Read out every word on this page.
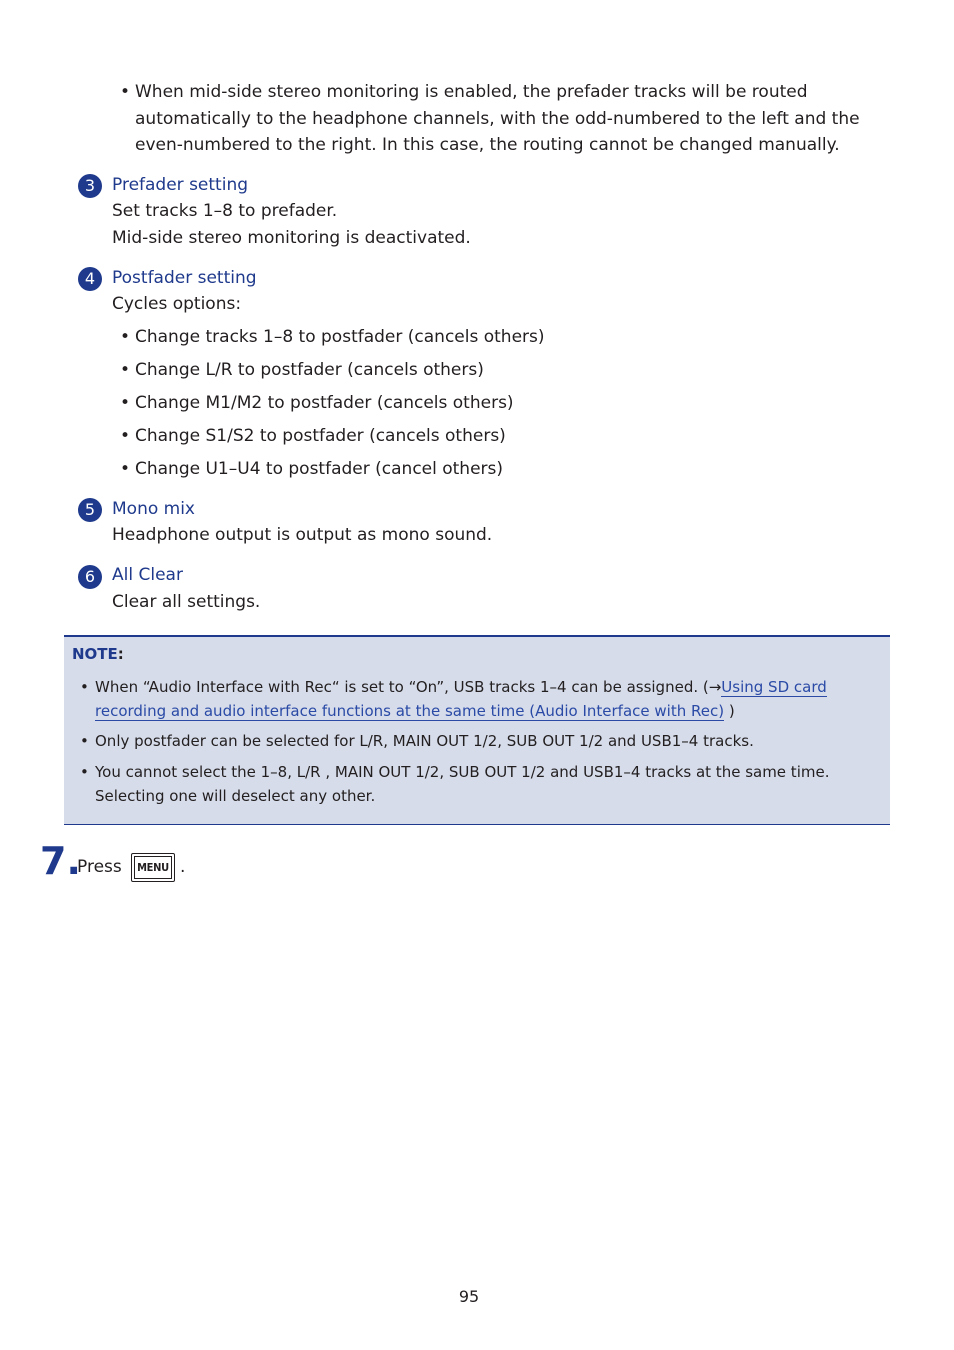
• When mid-side stereo monitoring is enabled, the prefader tracks will be routed automatically to the headphone channels, with the odd-numbered to the left and the even-numbered to the right. In this case, the routing cannot be changed manually.
3 Prefader setting
Set tracks 1–8 to prefader.
Mid-side stereo monitoring is deactivated.
4 Postfader setting
Cycles options:
• Change tracks 1–8 to postfader (cancels others)
• Change L/R to postfader (cancels others)
• Change M1/M2 to postfader (cancels others)
• Change S1/S2 to postfader (cancels others)
• Change U1–U4 to postfader (cancel others)
5 Mono mix
Headphone output is output as mono sound.
6 All Clear
Clear all settings.
NOTE:
• When “Audio Interface with Rec“ is set to “On”, USB tracks 1–4 can be assigned. (→Using SD card
recording and audio interface functions at the same time (Audio Interface with Rec) )
• Only postfader can be selected for L/R, MAIN OUT 1/2, SUB OUT 1/2 and USB1–4 tracks.
• You cannot select the 1–8, L/R , MAIN OUT 1/2, SUB OUT 1/2 and USB1–4 tracks at the same time.
Selecting one will deselect any other.
7.
Press MENU .
95
